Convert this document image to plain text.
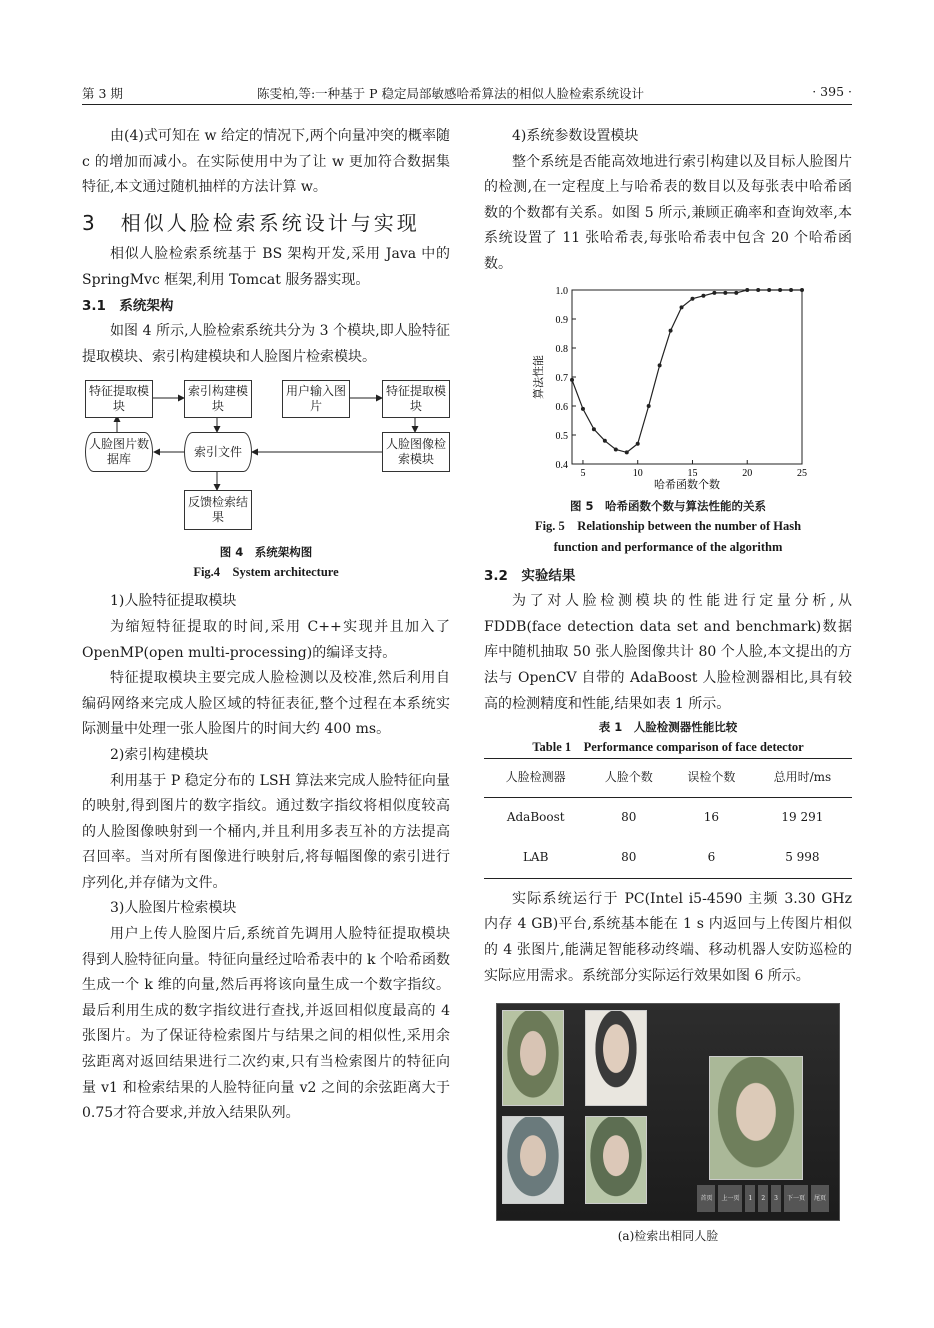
第 3 期	陈雯柏,等:一种基于 P 稳定局部敏感哈希算法的相似人脸检索系统设计	· 395 ·

由(4)式可知在 w 给定的情况下,两个向量冲突的概率随 c 的增加而减小。在实际使用中为了让 w 更加符合数据集特征,本文通过随机抽样的方法计算 w。

3　相似人脸检索系统设计与实现

相似人脸检索系统基于 BS 架构开发,采用 Java 中的 SpringMvc 框架,利用 Tomcat 服务器实现。

3.1　系统架构

如图 4 所示,人脸检索系统共分为 3 个模块,即人脸特征提取模块、索引构建模块和人脸图片检索模块。

特征提取模块
索引构建模块
用户输入图片
特征提取模块
人脸图片数据库
索引文件
人脸图像检索模块
反馈检索结果
图 4　系统架构图
Fig.4　System architecture

1)人脸特征提取模块

为缩短特征提取的时间,采用 C++实现并且加入了 OpenMP(open multi-processing)的编译支持。

特征提取模块主要完成人脸检测以及校准,然后利用自编码网络来完成人脸区域的特征表征,整个过程在本系统实际测量中处理一张人脸图片的时间大约 400 ms。

2)索引构建模块

利用基于 P 稳定分布的 LSH 算法来完成人脸特征向量的映射,得到图片的数字指纹。通过数字指纹将相似度较高的人脸图像映射到一个桶内,并且利用多表互补的方法提高召回率。当对所有图像进行映射后,将每幅图像的索引进行序列化,并存储为文件。

3)人脸图片检索模块

用户上传人脸图片后,系统首先调用人脸特征提取模块得到人脸特征向量。特征向量经过哈希表中的 k 个哈希函数生成一个 k 维的向量,然后再将该向量生成一个数字指纹。最后利用生成的数字指纹进行查找,并返回相似度最高的 4 张图片。为了保证待检索图片与结果之间的相似性,采用余弦距离对返回结果进行二次约束,只有当检索图片的特征向量 v1 和检索结果的人脸特征向量 v2 之间的余弦距离大于0.75才符合要求,并放入结果队列。

4)系统参数设置模块

整个系统是否能高效地进行索引构建以及目标人脸图片的检测,在一定程度上与哈希表的数目以及每张表中哈希函数的个数都有关系。如图 5 所示,兼顾正确率和查询效率,本系统设置了 11 张哈希表,每张哈希表中包含 20 个哈希函数。

0.4
0.5
0.6
0.7
0.8
0.9
1.0
5	10	15	20	25
哈希函数个数
算法性能
图 5　哈希函数个数与算法性能的关系
Fig. 5　Relationship between the number of Hash
function and performance of the algorithm
3.2　实验结果

为了对人脸检测模块的性能进行定量分析,从 FDDB(face detection data set and benchmark)数据库中随机抽取 50 张人脸图像共计 80 个人脸,本文提出的方法与 OpenCV 自带的 AdaBoost 人脸检测器相比,具有较高的检测精度和性能,结果如表 1 所示。

表 1　人脸检测器性能比较
Table 1　Performance comparison of face detector
人脸检测器	人脸个数	误检个数	总用时/ms
AdaBoost	80	16	19 291
LAB	80	6	5 998

实际系统运行于 PC(Intel i5-4590 主频 3.30 GHz 内存 4 GB)平台,系统基本能在 1 s 内返回与上传图片相似的 4 张图片,能满足智能移动终端、移动机器人安防巡检的实际应用需求。系统部分实际运行效果如图 6 所示。

首页	上一页	1	2	3	下一页	尾页
(a)检索出相同人脸
